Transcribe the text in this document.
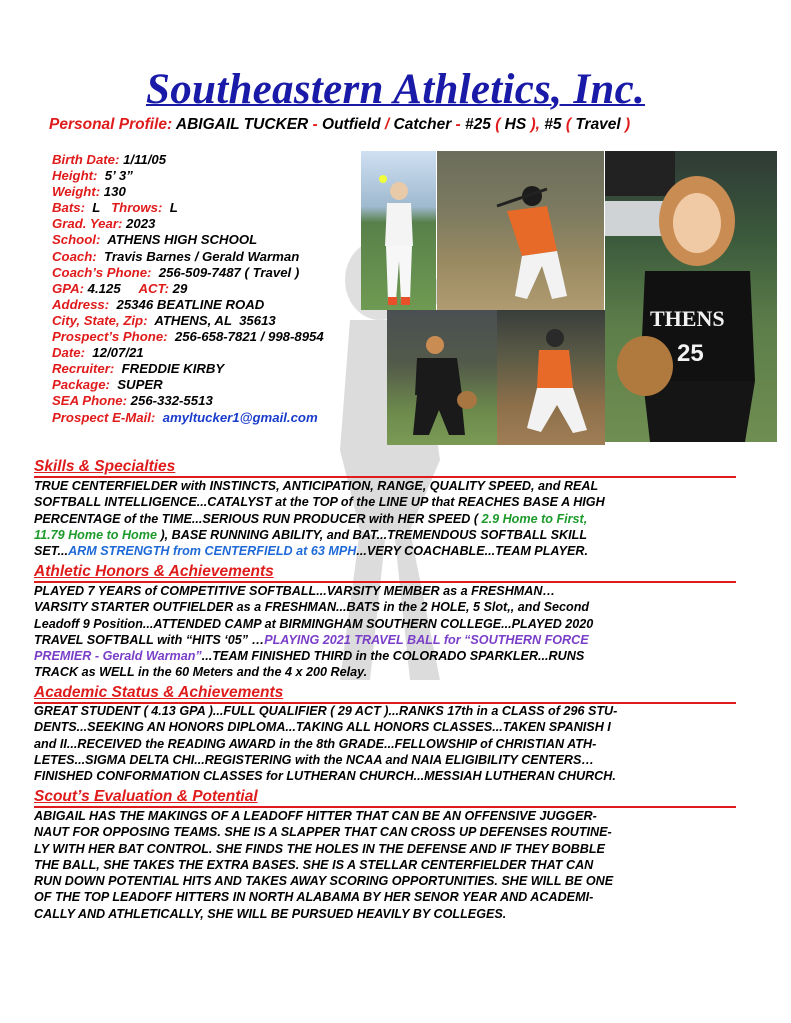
Southeastern Athletics, Inc.
Personal Profile: ABIGAIL TUCKER - Outfield / Catcher - #25 ( HS ), #5 ( Travel )
Birth Date: 1/11/05
Height:  5’ 3”
Weight: 130
Bats:  L   Throws:  L
Grad. Year: 2023
School:  ATHENS HIGH SCHOOL
Coach:  Travis Barnes / Gerald Warman
Coach’s Phone:  256-509-7487 ( Travel )
GPA: 4.125     ACT: 29
Address:  25346 BEATLINE ROAD
City, State, Zip:  ATHENS, AL  35613
Prospect’s Phone:  256-658-7821 / 998-8954
Date:  12/07/21
Recruiter:  FREDDIE KIRBY
Package:  SUPER
SEA Phone: 256-332-5513
Prospect E-Mail:  amyltucker1@gmail.com
THENS
25
Skills & Specialties
TRUE CENTERFIELDER with INSTINCTS, ANTICIPATION, RANGE, QUALITY SPEED, and REAL
SOFTBALL INTELLIGENCE...CATALYST at the TOP of the LINE UP that REACHES BASE A HIGH
PERCENTAGE of the TIME...SERIOUS RUN PRODUCER with HER SPEED ( 2.9 Home to First,
11.79 Home to Home ), BASE RUNNING ABILITY, and BAT...TREMENDOUS SOFTBALL SKILL
SET...ARM STRENGTH from CENTERFIELD at 63 MPH...VERY COACHABLE...TEAM PLAYER.
Athletic Honors & Achievements
PLAYED 7 YEARS of COMPETITIVE SOFTBALL...VARSITY MEMBER as a FRESHMAN…
VARSITY STARTER OUTFIELDER as a FRESHMAN...BATS in the 2 HOLE, 5 Slot,, and Second
Leadoff 9 Position...ATTENDED CAMP at BIRMINGHAM SOUTHERN COLLEGE...PLAYED 2020
TRAVEL SOFTBALL with “HITS ‘05” …PLAYING 2021 TRAVEL BALL for “SOUTHERN FORCE
PREMIER - Gerald Warman”...TEAM FINISHED THIRD in the COLORADO SPARKLER...RUNS
TRACK as WELL in the 60 Meters and the 4 x 200 Relay.
Academic Status & Achievements
GREAT STUDENT ( 4.13 GPA )...FULL QUALIFIER ( 29 ACT )...RANKS 17th in a CLASS of 296 STU-
DENTS...SEEKING AN HONORS DIPLOMA...TAKING ALL HONORS CLASSES...TAKEN SPANISH I
and II...RECEIVED the READING AWARD in the 8th GRADE...FELLOWSHIP of CHRISTIAN ATH-
LETES...SIGMA DELTA CHI...REGISTERING with the NCAA and NAIA ELIGIBILITY CENTERS…
FINISHED CONFORMATION CLASSES for LUTHERAN CHURCH...MESSIAH LUTHERAN CHURCH.
Scout’s Evaluation & Potential
ABIGAIL HAS THE MAKINGS OF A LEADOFF HITTER THAT CAN BE AN OFFENSIVE JUGGER-
NAUT FOR OPPOSING TEAMS. SHE IS A SLAPPER THAT CAN CROSS UP DEFENSES ROUTINE-
LY WITH HER BAT CONTROL. SHE FINDS THE HOLES IN THE DEFENSE AND IF THEY BOBBLE
THE BALL, SHE TAKES THE EXTRA BASES. SHE IS A STELLAR CENTERFIELDER THAT CAN
RUN DOWN POTENTIAL HITS AND TAKES AWAY SCORING OPPORTUNITIES. SHE WILL BE ONE
OF THE TOP LEADOFF HITTERS IN NORTH ALABAMA BY HER SENOR YEAR AND ACADEMI-
CALLY AND ATHLETICALLY, SHE WILL BE PURSUED HEAVILY BY COLLEGES.
